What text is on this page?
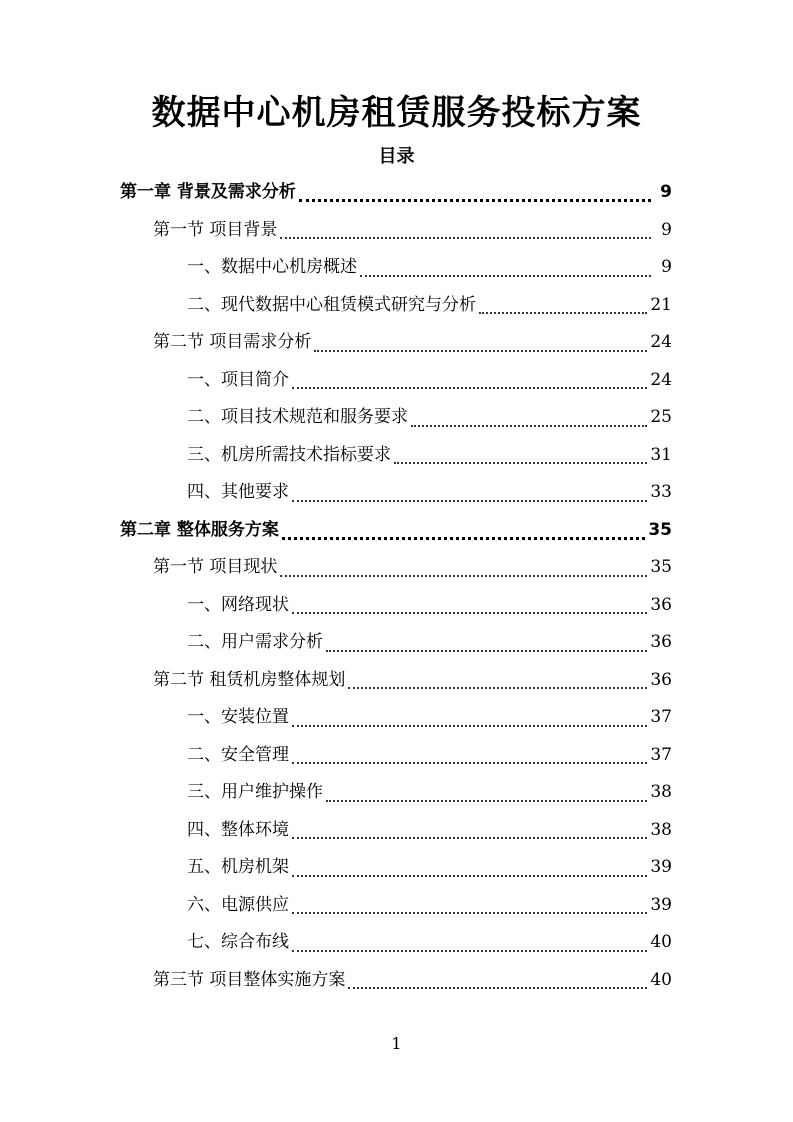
数据中心机房租赁服务投标方案
目录
第一章 背景及需求分析	9
第一节 项目背景	9
一、数据中心机房概述	9
二、现代数据中心租赁模式研究与分析	21
第二节 项目需求分析	24
一、项目简介	24
二、项目技术规范和服务要求	25
三、机房所需技术指标要求	31
四、其他要求	33
第二章 整体服务方案	35
第一节 项目现状	35
一、网络现状	36
二、用户需求分析	36
第二节 租赁机房整体规划	36
一、安装位置	37
二、安全管理	37
三、用户维护操作	38
四、整体环境	38
五、机房机架	39
六、电源供应	39
七、综合布线	40
第三节 项目整体实施方案	40
1
